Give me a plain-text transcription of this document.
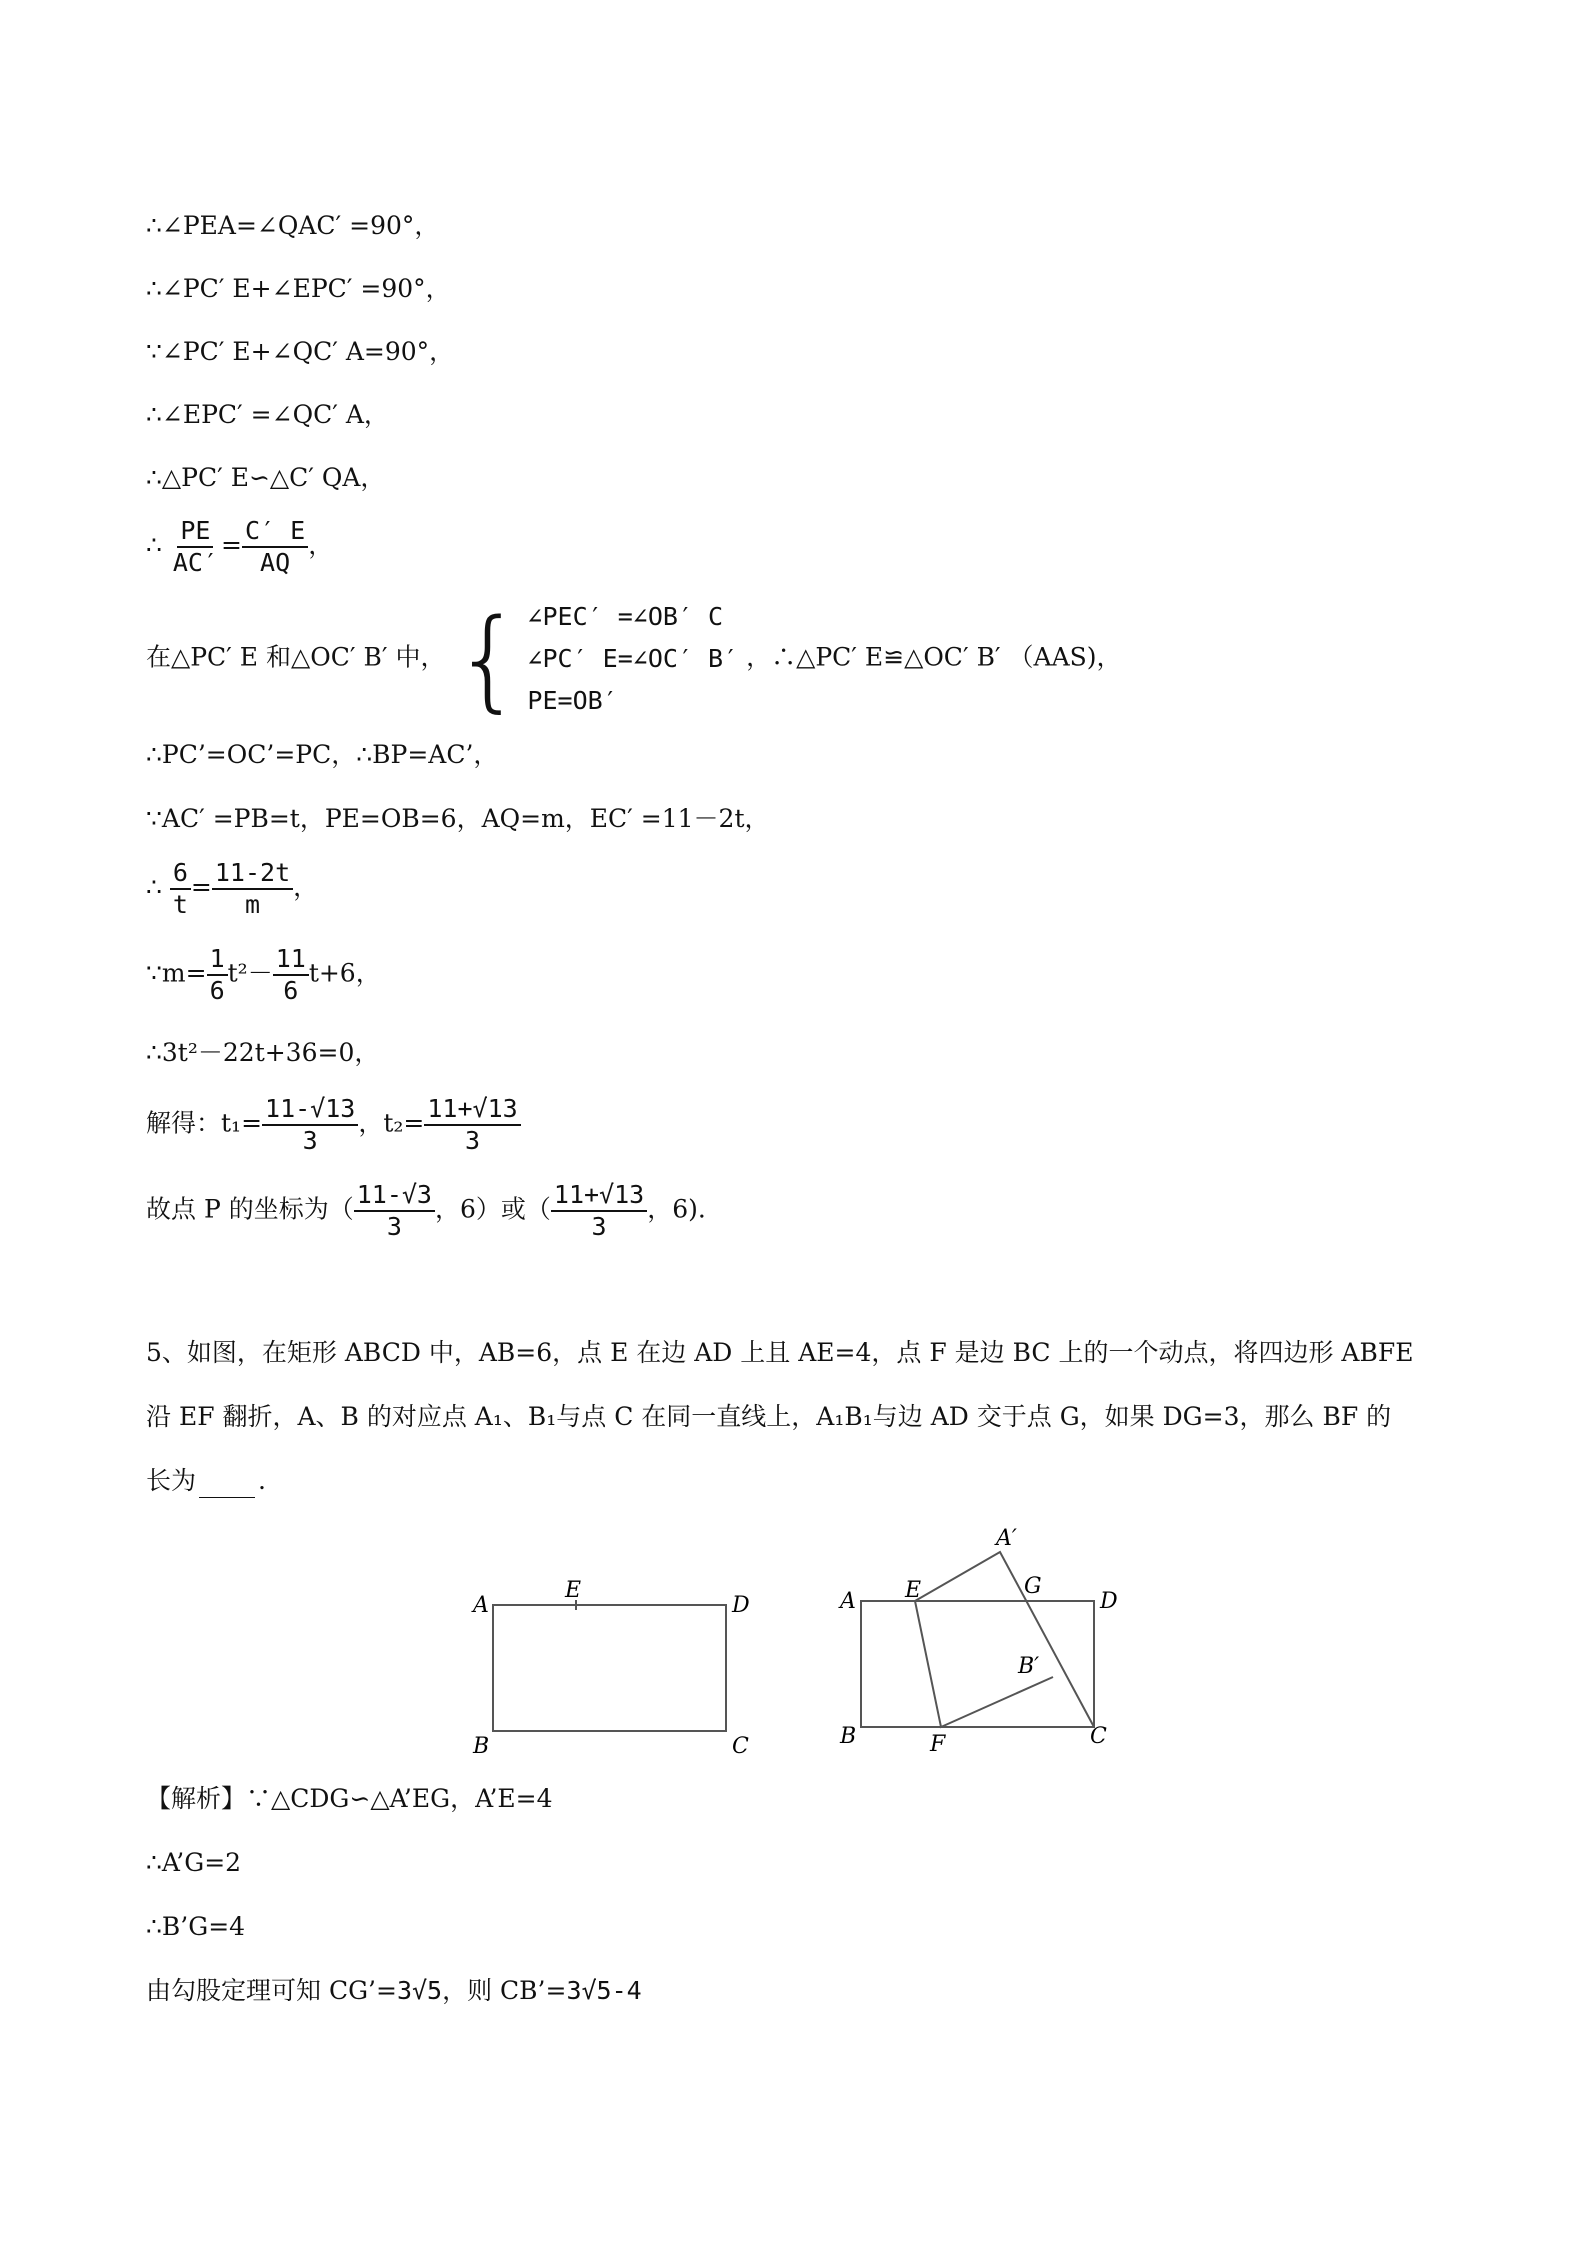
∴∠PEA=∠QAC′ =90°，
∴∠PC′ E+∠EPC′ =90°，
∵∠PC′ E+∠QC′ A=90°，
∴∠EPC′ =∠QC′ A，
∴△PC′ E∽△C′ QA，
∴ $\frac{PE}{AC'} = \frac{C' E}{AQ}$ ，
在△PC′ E 和△OC′ B′ 中， { ∠PEC′ =∠OB′ C
∠PC′ E=∠OC′ B′
PE=OB′
，∴△PC′ E≌△OC′ B′ （AAS)，
∴PC’=OC’=PC，∴BP=AC’，
∵AC′ =PB=t，PE=OB=6，AQ=m，EC′ =11－2t，
∴ $\frac{6}{t} = \frac{11-2t}{m}$ ，
∵m= $\frac{1}{6} t^2- \frac{11}{6} t+6$，
∴3t²－22t+36=0，
解得：$t_1= \frac{11-√13}{3}$ ，$t_2= \frac{11+√13}{3}$
故点 P 的坐标为（ $\frac{11-√3}{3}$ ，6）或（ $\frac{11+√13}{3}$ ，6).
5、如图，在矩形 ABCD 中，AB=6，点 E 在边 AD 上且 AE=4，点 F 是边 BC 上的一个动点，将四边形 ABFE
沿 EF 翻折，A、B 的对应点 A₁、B₁与点 C 在同一直线上，A₁B₁与边 AD 交于点 G，如果 DG=3，那么 BF 的
长为 .
A
E
D
B	C
A′
G
A E	D
B′
B	F	C
【解析】∵△CDG∽△A’EG，A’E=4
∴A’G=2
∴B’G=4
由勾股定理可知 CG’=3√5，则 CB’=3√5-4
